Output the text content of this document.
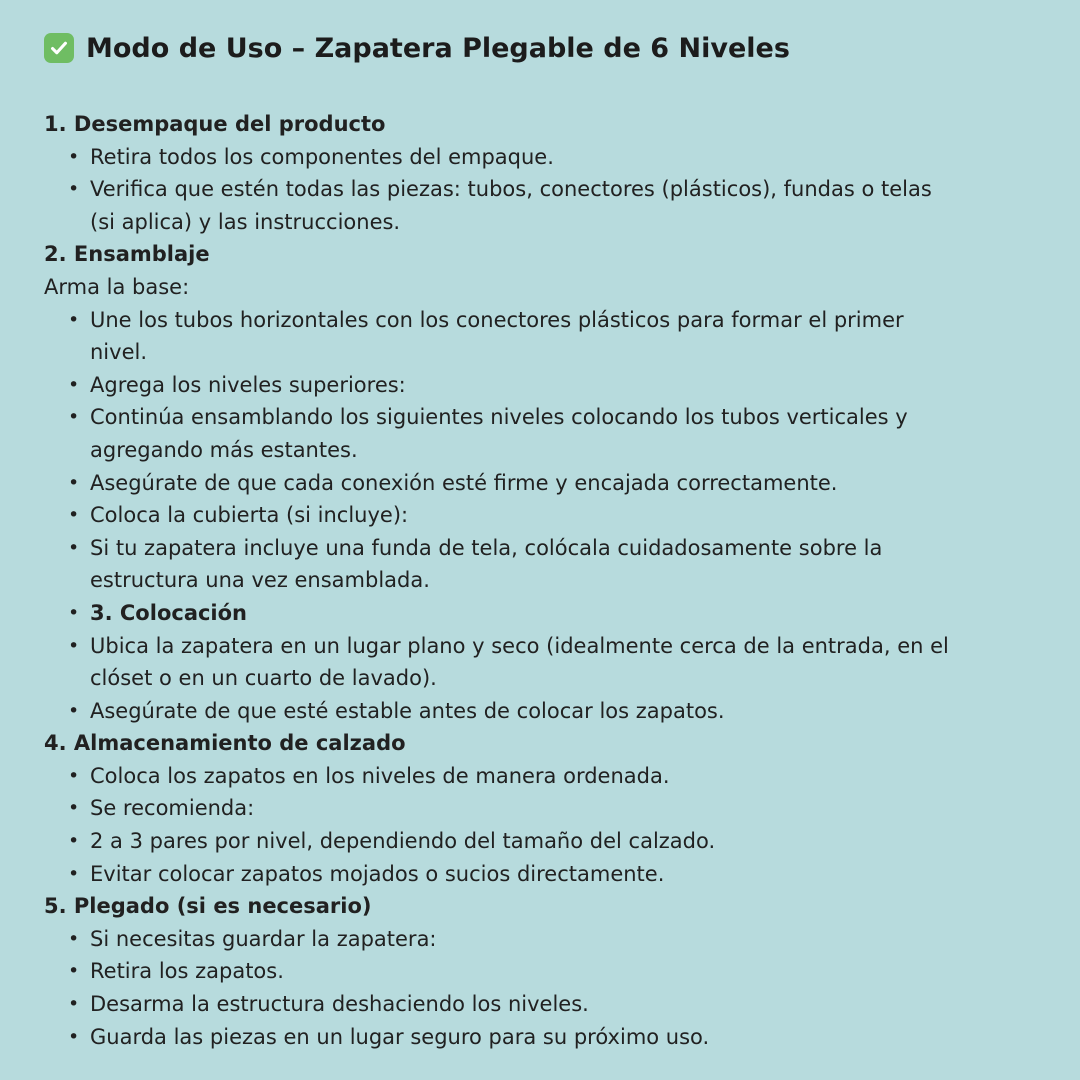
Modo de Uso – Zapatera Plegable de 6 Niveles
1. Desempaque del producto
• Retira todos los componentes del empaque.
• Verifica que estén todas las piezas: tubos, conectores (plásticos), fundas o telas (si aplica) y las instrucciones.
2. Ensamblaje
Arma la base:
• Une los tubos horizontales con los conectores plásticos para formar el primer nivel.
• Agrega los niveles superiores:
• Continúa ensamblando los siguientes niveles colocando los tubos verticales y agregando más estantes.
• Asegúrate de que cada conexión esté firme y encajada correctamente.
• Coloca la cubierta (si incluye):
• Si tu zapatera incluye una funda de tela, colócala cuidadosamente sobre la estructura una vez ensamblada.
• 3. Colocación
• Ubica la zapatera en un lugar plano y seco (idealmente cerca de la entrada, en el clóset o en un cuarto de lavado).
• Asegúrate de que esté estable antes de colocar los zapatos.
4. Almacenamiento de calzado
• Coloca los zapatos en los niveles de manera ordenada.
• Se recomienda:
• 2 a 3 pares por nivel, dependiendo del tamaño del calzado.
• Evitar colocar zapatos mojados o sucios directamente.
5. Plegado (si es necesario)
• Si necesitas guardar la zapatera:
• Retira los zapatos.
• Desarma la estructura deshaciendo los niveles.
• Guarda las piezas en un lugar seguro para su próximo uso.
